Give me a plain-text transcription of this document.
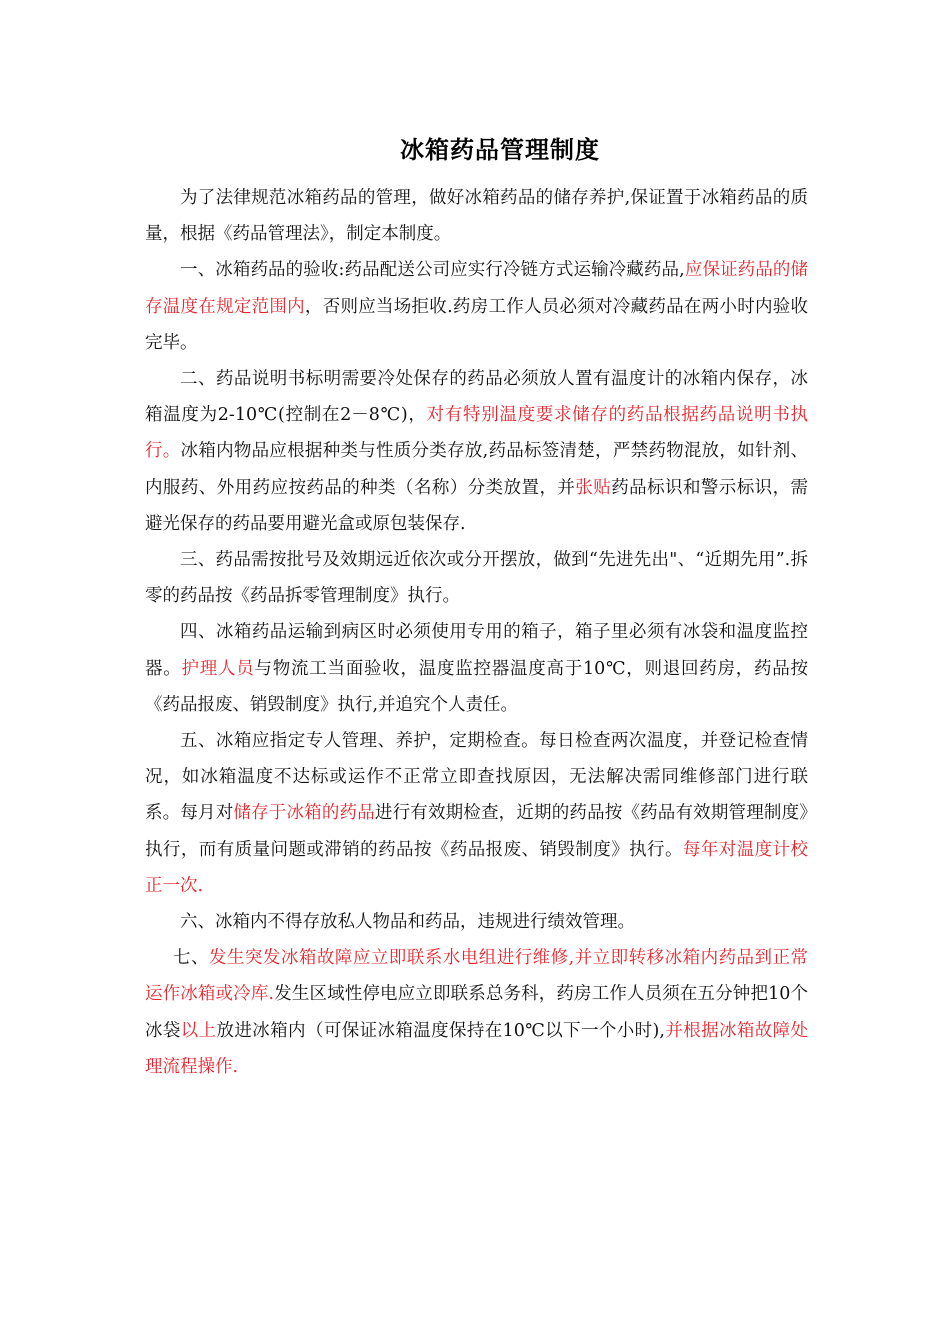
冰箱药品管理制度

为了法律规范冰箱药品的管理，做好冰箱药品的储存养护,保证置于冰箱药品的质量，根据《药品管理法》，制定本制度。

一、冰箱药品的验收:药品配送公司应实行冷链方式运输冷藏药品,应保证药品的储存温度在规定范围内，否则应当场拒收.药房工作人员必须对冷藏药品在两小时内验收完毕。

二、药品说明书标明需要冷处保存的药品必须放人置有温度计的冰箱内保存，冰箱温度为2-10℃(控制在2－8℃)，对有特别温度要求储存的药品根据药品说明书执行。冰箱内物品应根据种类与性质分类存放,药品标签清楚，严禁药物混放，如针剂、内服药、外用药应按药品的种类（名称）分类放置，并张贴药品标识和警示标识，需避光保存的药品要用避光盒或原包装保存.

三、药品需按批号及效期远近依次或分开摆放，做到“先进先出"、“近期先用”.拆零的药品按《药品拆零管理制度》执行。

四、冰箱药品运输到病区时必须使用专用的箱子，箱子里必须有冰袋和温度监控器。护理人员与物流工当面验收，温度监控器温度高于10℃，则退回药房，药品按《药品报废、销毁制度》执行,并追究个人责任。

五、冰箱应指定专人管理、养护，定期检查。每日检查两次温度，并登记检查情况，如冰箱温度不达标或运作不正常立即查找原因，无法解决需同维修部门进行联系。每月对储存于冰箱的药品进行有效期检查，近期的药品按《药品有效期管理制度》执行，而有质量问题或滞销的药品按《药品报废、销毁制度》执行。每年对温度计校正一次.

六、冰箱内不得存放私人物品和药品，违规进行绩效管理。

七、发生突发冰箱故障应立即联系水电组进行维修,并立即转移冰箱内药品到正常运作冰箱或冷库.发生区域性停电应立即联系总务科，药房工作人员须在五分钟把10个冰袋以上放进冰箱内（可保证冰箱温度保持在10℃以下一个小时),并根据冰箱故障处理流程操作.
